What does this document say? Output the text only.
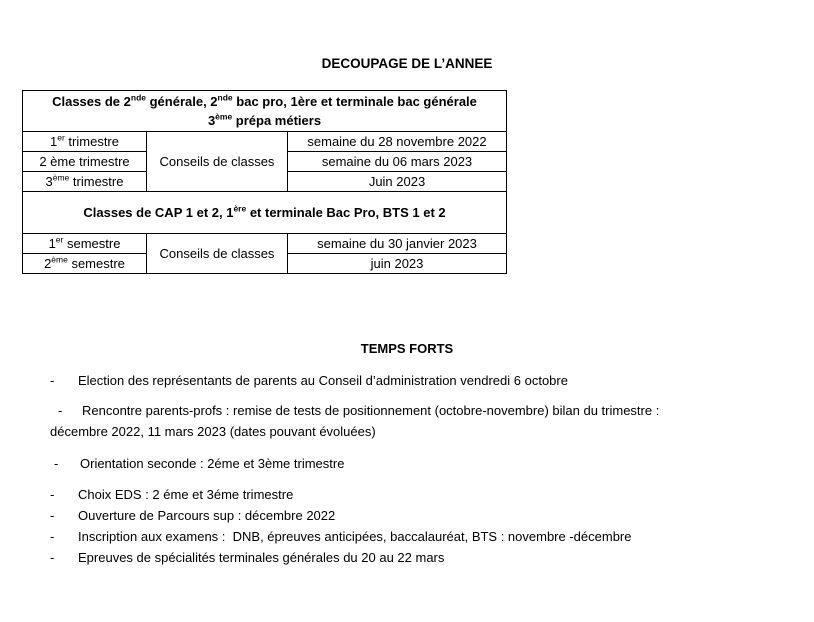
DECOUPAGE DE L’ANNEE
Classes de 2nde générale, 2nde bac pro, 1ère et terminale bac générale
3ème prépa métiers		

1er trimestre	Conseils de classes	semaine du 28 novembre 2022
2 ème trimestre		semaine du 06 mars 2023
3ème trimestre		Juin 2023
Classes de CAP 1 et 2, 1ère et terminale Bac Pro, BTS 1 et 2		
1er semestre	Conseils de classes	semaine du 30 janvier 2023
2ème semestre		juin 2023
TEMPS FORTS
- Election des représentants de parents au Conseil d’administration vendredi 6 octobre
- Rencontre parents-profs : remise de tests de positionnement (octobre-novembre) bilan du trimestre :
décembre 2022, 11 mars 2023 (dates pouvant évoluées)
- Orientation seconde : 2éme et 3ème trimestre
- Choix EDS : 2 éme et 3éme trimestre
- Ouverture de Parcours sup : décembre 2022
- Inscription aux examens :  DNB, épreuves anticipées, baccalauréat, BTS : novembre -décembre
- Epreuves de spécialités terminales générales du 20 au 22 mars
